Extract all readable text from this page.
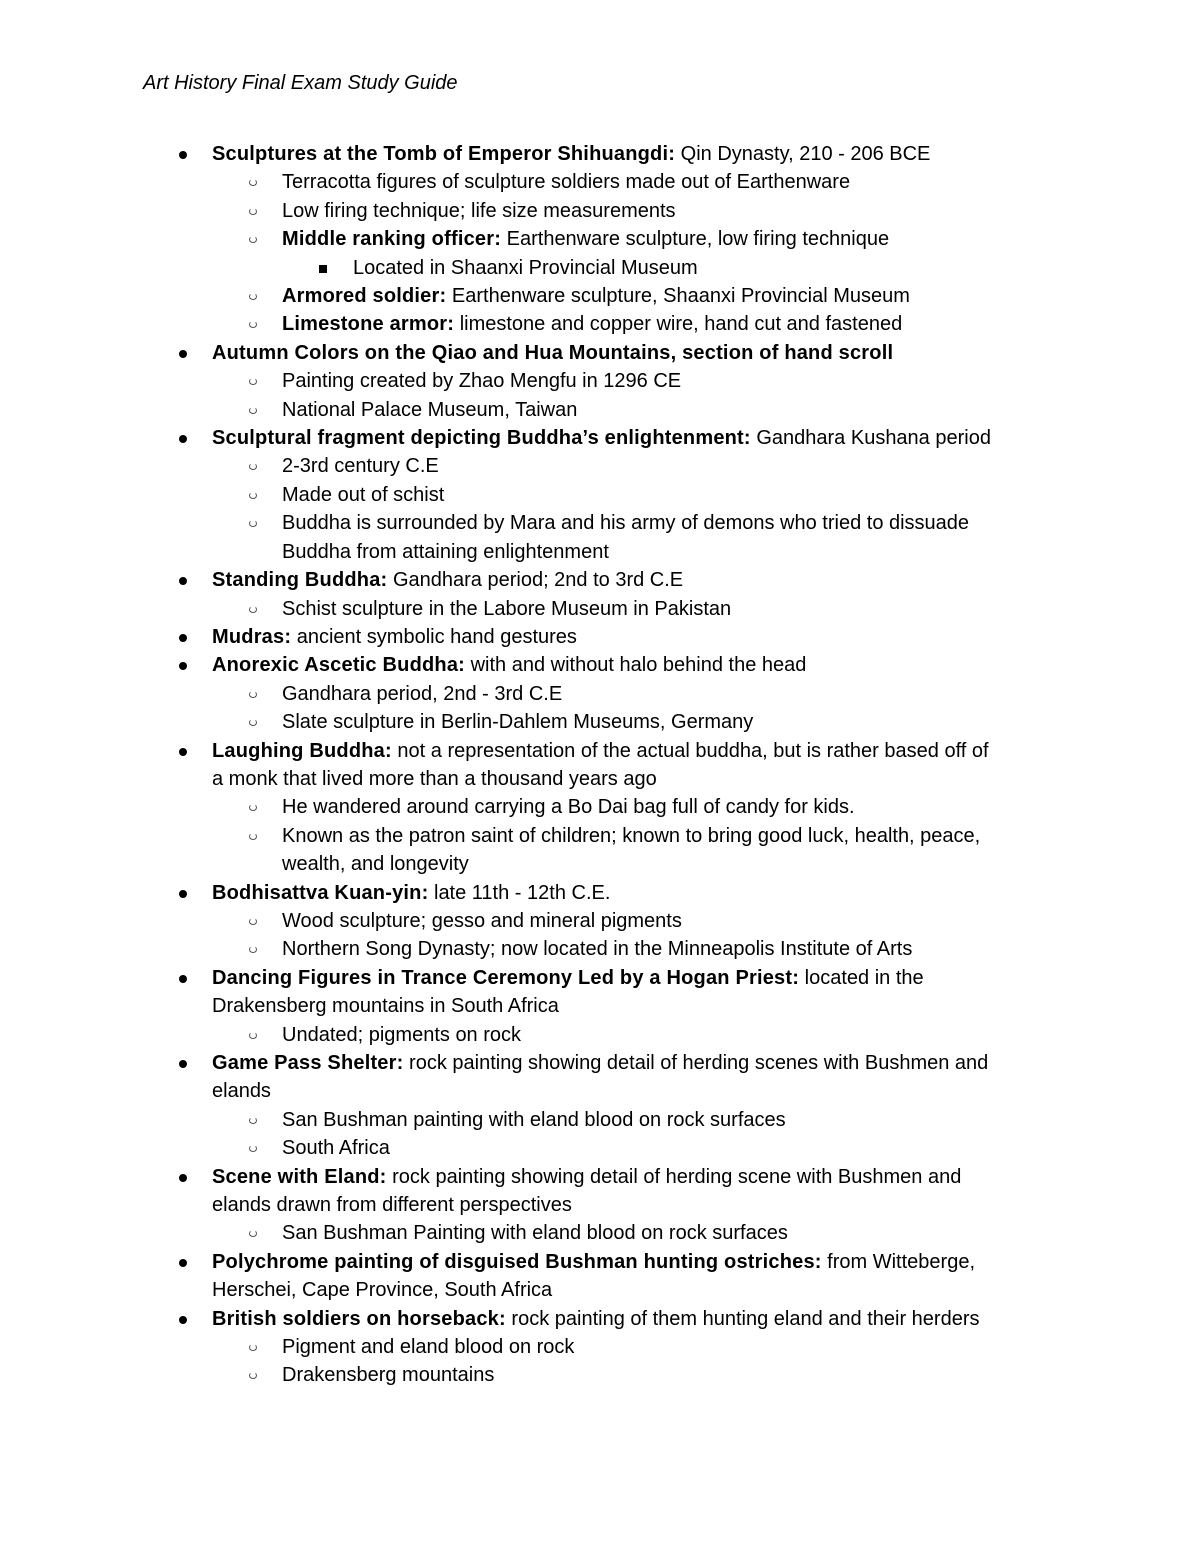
Art History Final Exam Study Guide
Sculptures at the Tomb of Emperor Shihuangdi: Qin Dynasty, 210 - 206 BCE
Terracotta figures of sculpture soldiers made out of Earthenware
Low firing technique; life size measurements
Middle ranking officer: Earthenware sculpture, low firing technique
Located in Shaanxi Provincial Museum
Armored soldier: Earthenware sculpture, Shaanxi Provincial Museum
Limestone armor: limestone and copper wire, hand cut and fastened
Autumn Colors on the Qiao and Hua Mountains, section of hand scroll
Painting created by Zhao Mengfu in 1296 CE
National Palace Museum, Taiwan
Sculptural fragment depicting Buddha’s enlightenment: Gandhara Kushana period
2-3rd century C.E
Made out of schist
Buddha is surrounded by Mara and his army of demons who tried to dissuade
Buddha from attaining enlightenment
Standing Buddha: Gandhara period; 2nd to 3rd C.E
Schist sculpture in the Labore Museum in Pakistan
Mudras: ancient symbolic hand gestures
Anorexic Ascetic Buddha: with and without halo behind the head
Gandhara period, 2nd - 3rd C.E
Slate sculpture in Berlin-Dahlem Museums, Germany
Laughing Buddha: not a representation of the actual buddha, but is rather based off of
a monk that lived more than a thousand years ago
He wandered around carrying a Bo Dai bag full of candy for kids.
Known as the patron saint of children; known to bring good luck, health, peace,
wealth, and longevity
Bodhisattva Kuan-yin: late 11th - 12th C.E.
Wood sculpture; gesso and mineral pigments
Northern Song Dynasty; now located in the Minneapolis Institute of Arts
Dancing Figures in Trance Ceremony Led by a Hogan Priest: located in the
Drakensberg mountains in South Africa
Undated; pigments on rock
Game Pass Shelter: rock painting showing detail of herding scenes with Bushmen and
elands
San Bushman painting with eland blood on rock surfaces
South Africa
Scene with Eland: rock painting showing detail of herding scene with Bushmen and
elands drawn from different perspectives
San Bushman Painting with eland blood on rock surfaces
Polychrome painting of disguised Bushman hunting ostriches: from Witteberge,
Herschei, Cape Province, South Africa
British soldiers on horseback: rock painting of them hunting eland and their herders
Pigment and eland blood on rock
Drakensberg mountains
